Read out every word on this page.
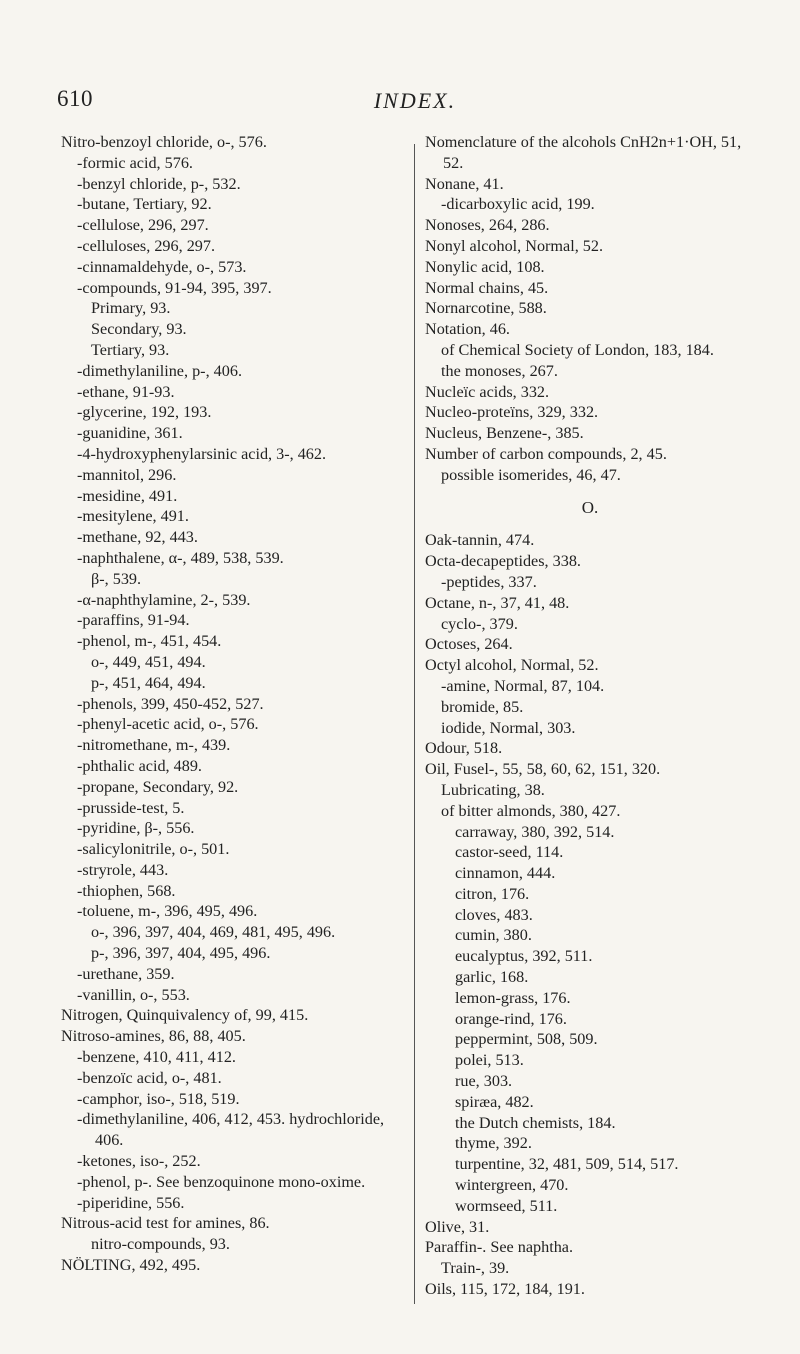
610	INDEX.

Nitro-benzoyl chloride, o-, 576.

-formic acid, 576.

-benzyl chloride, p-, 532.

-butane, Tertiary, 92.

-cellulose, 296, 297.

-celluloses, 296, 297.

-cinnamaldehyde, o-, 573.

-compounds, 91-94, 395, 397.

Primary, 93.

Secondary, 93.

Tertiary, 93.

-dimethylaniline, p-, 406.

-ethane, 91-93.

-glycerine, 192, 193.

-guanidine, 361.

-4-hydroxyphenylarsinic acid, 3-, 462.

-mannitol, 296.

-mesidine, 491.

-mesitylene, 491.

-methane, 92, 443.

-naphthalene, α-, 489, 538, 539.

β-, 539.

-α-naphthylamine, 2-, 539.

-paraffins, 91-94.

-phenol, m-, 451, 454.

o-, 449, 451, 494.

p-, 451, 464, 494.

-phenols, 399, 450-452, 527.

-phenyl-acetic acid, o-, 576.

-nitromethane, m-, 439.

-phthalic acid, 489.

-propane, Secondary, 92.

-prusside-test, 5.

-pyridine, β-, 556.

-salicylonitrile, o-, 501.

-stryrole, 443.

-thiophen, 568.

-toluene, m-, 396, 495, 496.

o-, 396, 397, 404, 469, 481, 495, 496.

p-, 396, 397, 404, 495, 496.

-urethane, 359.

-vanillin, o-, 553.

Nitrogen, Quinquivalency of, 99, 415.

Nitroso-amines, 86, 88, 405.

-benzene, 410, 411, 412.

-benzoïc acid, o-, 481.

-camphor, iso-, 518, 519.

-dimethylaniline, 406, 412, 453. hydrochloride, 406.

-ketones, iso-, 252.

-phenol, p-. See benzoquinone mono-oxime.

-piperidine, 556.

Nitrous-acid test for amines, 86.

nitro-compounds, 93.

NÖLTING, 492, 495.

Nomenclature of the alcohols CnH2n+1·OH, 51, 52.

Nonane, 41.

-dicarboxylic acid, 199.

Nonoses, 264, 286.

Nonyl alcohol, Normal, 52.

Nonylic acid, 108.

Normal chains, 45.

Nornarcotine, 588.

Notation, 46.

of Chemical Society of London, 183, 184.

the monoses, 267.

Nucleïc acids, 332.

Nucleo-proteïns, 329, 332.

Nucleus, Benzene-, 385.

Number of carbon compounds, 2, 45.

possible isomerides, 46, 47.

O.

Oak-tannin, 474.

Octa-decapeptides, 338.

-peptides, 337.

Octane, n-, 37, 41, 48.

cyclo-, 379.

Octoses, 264.

Octyl alcohol, Normal, 52.

-amine, Normal, 87, 104.

bromide, 85.

iodide, Normal, 303.

Odour, 518.

Oil, Fusel-, 55, 58, 60, 62, 151, 320.

Lubricating, 38.

of bitter almonds, 380, 427.

carraway, 380, 392, 514.

castor-seed, 114.

cinnamon, 444.

citron, 176.

cloves, 483.

cumin, 380.

eucalyptus, 392, 511.

garlic, 168.

lemon-grass, 176.

orange-rind, 176.

peppermint, 508, 509.

polei, 513.

rue, 303.

spiræa, 482.

the Dutch chemists, 184.

thyme, 392.

turpentine, 32, 481, 509, 514, 517.

wintergreen, 470.

wormseed, 511.

Olive, 31.

Paraffin-. See naphtha.

Train-, 39.

Oils, 115, 172, 184, 191.
